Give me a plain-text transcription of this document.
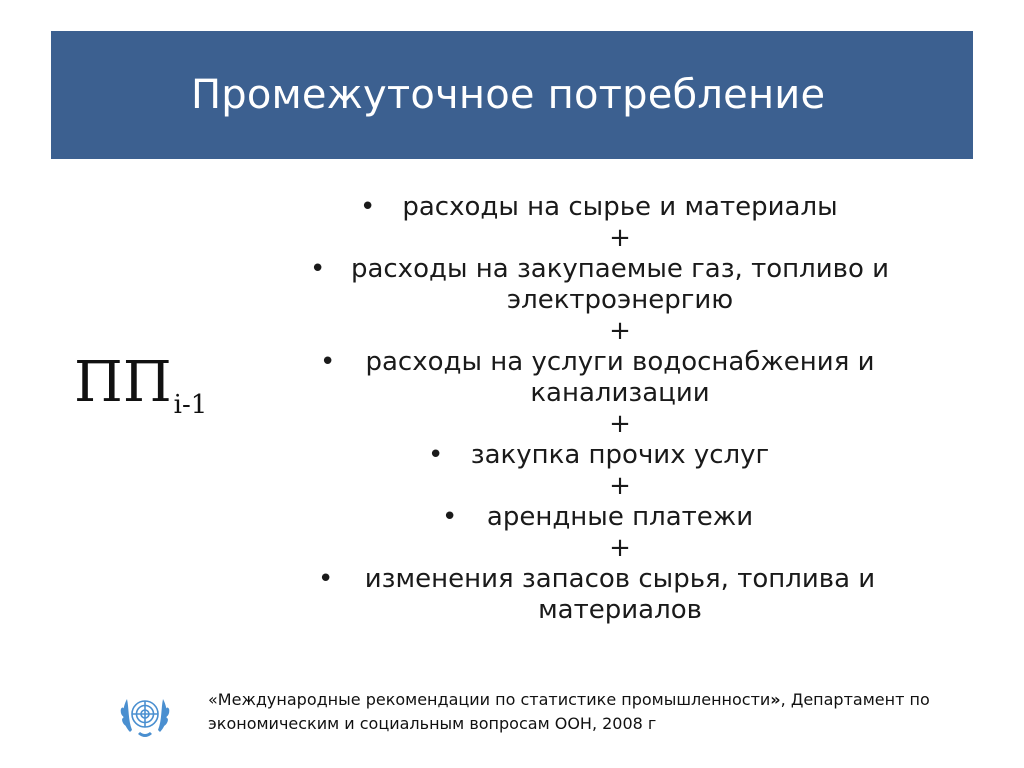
Промежуточное потребление
$ПП_{i-1}$
•	расходы на сырье и материалы
+
• расходы на закупаемые газ, топливо и
электроэнергию
+
•	расходы на услуги водоснабжения и
канализации
+
•	закупка прочих услуг
+
•	арендные платежи
+
•	изменения запасов сырья, топлива и
материалов
«Международные рекомендации по статистике промышленности», Департамент по
экономическим и социальным вопросам ООН, 2008 г
